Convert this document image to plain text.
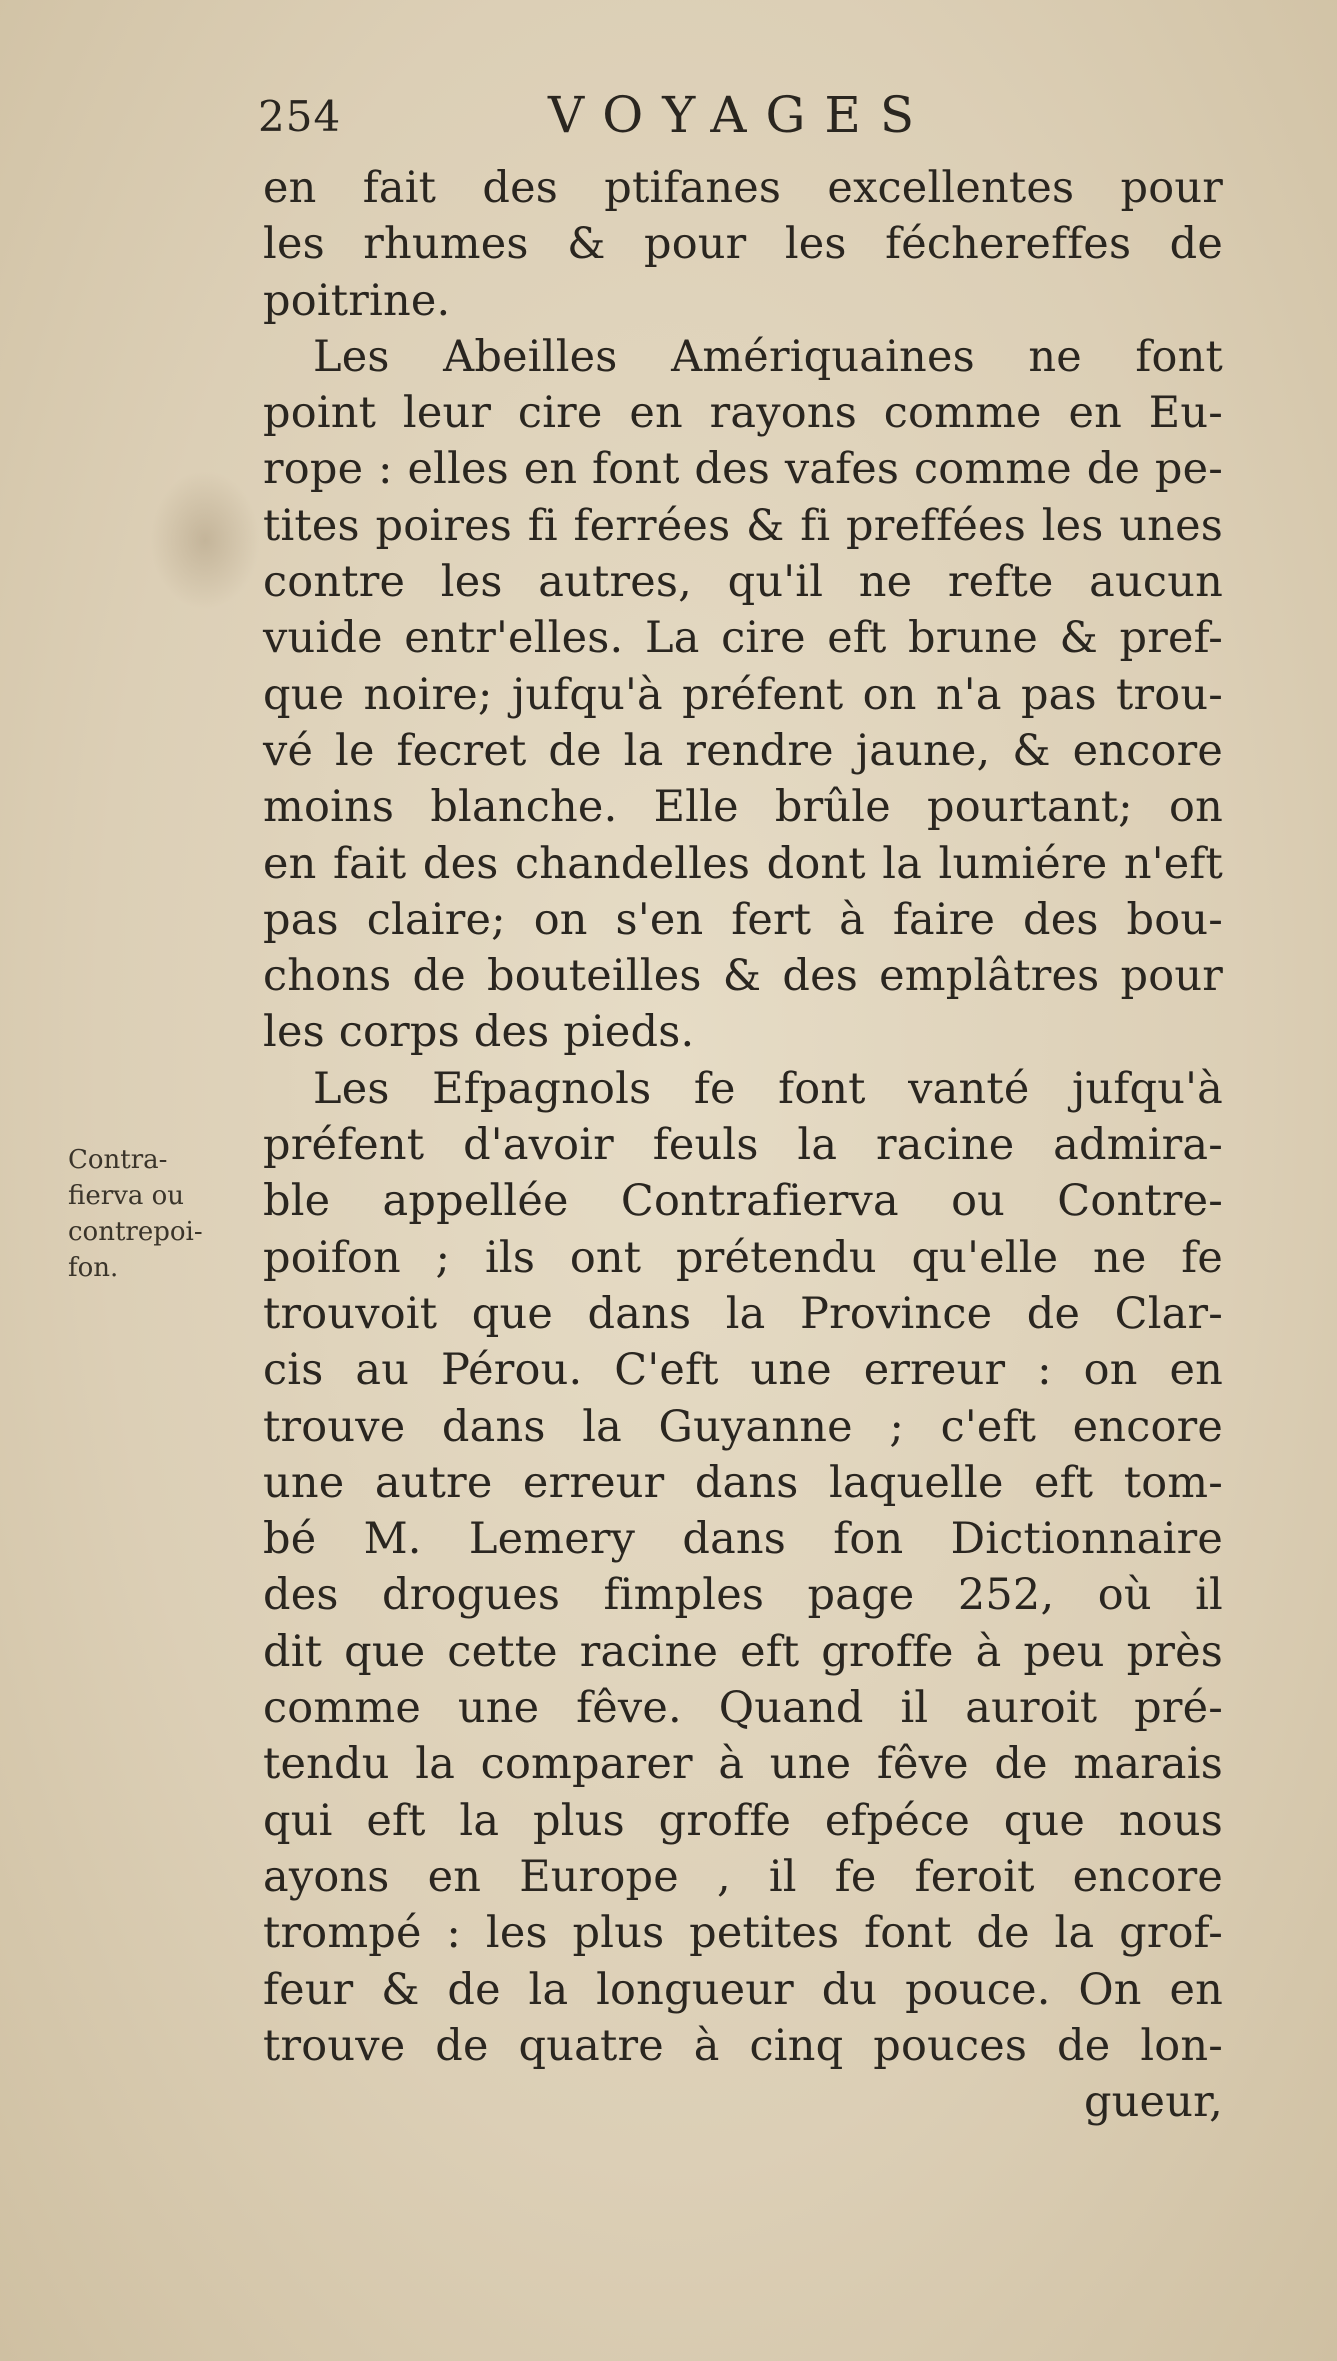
254	VOYAGES
Contra-
fierva ou
contrepoi-
fon.
en fait des ptifanes excellentes pour
les rhumes & pour les féchereffes de
poitrine.
Les Abeilles Amériquaines ne font
point leur cire en rayons comme en Eu-
rope : elles en font des vafes comme de pe-
tites poires fi ferrées & fi preffées les unes
contre les autres, qu'il ne refte aucun
vuide entr'elles. La cire eft brune & pref-
que noire; jufqu'à préfent on n'a pas trou-
vé le fecret de la rendre jaune, & encore
moins blanche. Elle brûle pourtant; on
en fait des chandelles dont la lumiére n'eft
pas claire; on s'en fert à faire des bou-
chons de bouteilles & des emplâtres pour
les corps des pieds.
Les Efpagnols fe font vanté jufqu'à
préfent d'avoir feuls la racine admira-
ble appellée Contrafierva ou Contre-
poifon ; ils ont prétendu qu'elle ne fe
trouvoit que dans la Province de Clar-
cis au Pérou. C'eft une erreur : on en
trouve dans la Guyanne ; c'eft encore
une autre erreur dans laquelle eft tom-
bé M. Lemery dans fon Dictionnaire
des drogues fimples page 252, où il
dit que cette racine eft groffe à peu près
comme une fêve. Quand il auroit pré-
tendu la comparer à une fêve de marais
qui eft la plus groffe efpéce que nous
ayons en Europe , il fe feroit encore
trompé : les plus petites font de la grof-
feur & de la longueur du pouce. On en
trouve de quatre à cinq pouces de lon-
gueur,
